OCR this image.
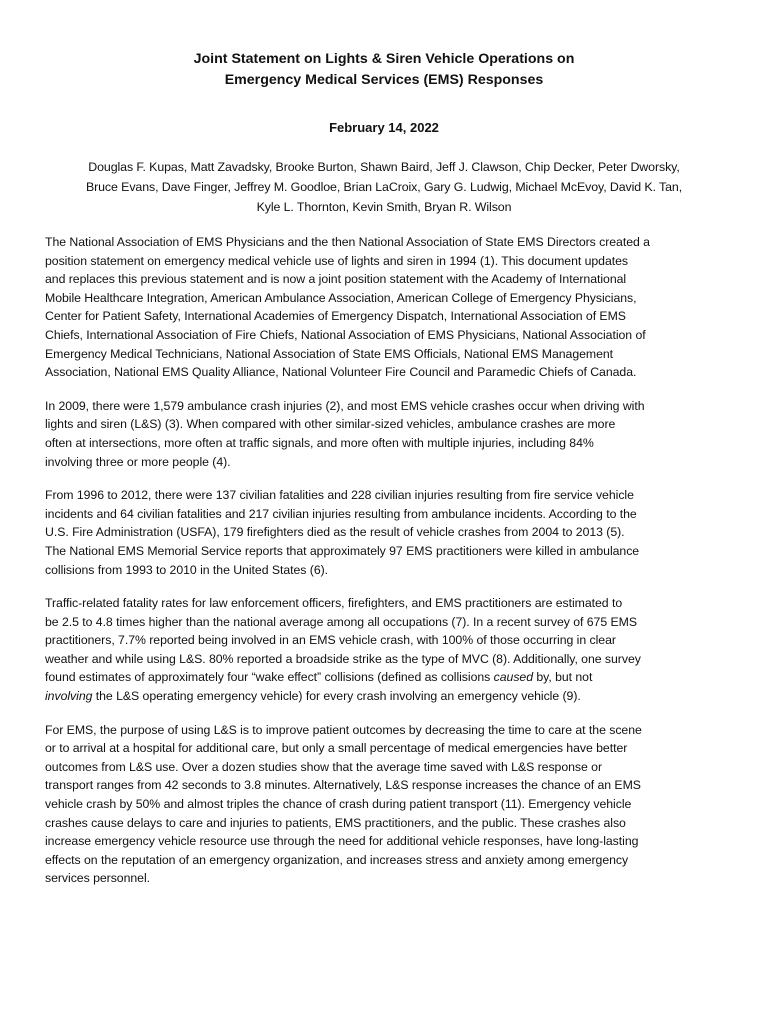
Joint Statement on Lights & Siren Vehicle Operations on
Emergency Medical Services (EMS) Responses

February 14, 2022

Douglas F. Kupas, Matt Zavadsky, Brooke Burton, Shawn Baird, Jeff J. Clawson, Chip Decker, Peter Dworsky,
Bruce Evans, Dave Finger, Jeffrey M. Goodloe, Brian LaCroix, Gary G. Ludwig, Michael McEvoy, David K. Tan,
Kyle L. Thornton, Kevin Smith, Bryan R. Wilson

The National Association of EMS Physicians and the then National Association of State EMS Directors created a
position statement on emergency medical vehicle use of lights and siren in 1994 (1). This document updates
and replaces this previous statement and is now a joint position statement with the Academy of International
Mobile Healthcare Integration, American Ambulance Association, American College of Emergency Physicians,
Center for Patient Safety, International Academies of Emergency Dispatch, International Association of EMS
Chiefs, International Association of Fire Chiefs, National Association of EMS Physicians, National Association of
Emergency Medical Technicians, National Association of State EMS Officials, National EMS Management
Association, National EMS Quality Alliance, National Volunteer Fire Council and Paramedic Chiefs of Canada.

In 2009, there were 1,579 ambulance crash injuries (2), and most EMS vehicle crashes occur when driving with
lights and siren (L&S) (3). When compared with other similar-sized vehicles, ambulance crashes are more
often at intersections, more often at traffic signals, and more often with multiple injuries, including 84%
involving three or more people (4).

From 1996 to 2012, there were 137 civilian fatalities and 228 civilian injuries resulting from fire service vehicle
incidents and 64 civilian fatalities and 217 civilian injuries resulting from ambulance incidents. According to the
U.S. Fire Administration (USFA), 179 firefighters died as the result of vehicle crashes from 2004 to 2013 (5).
The National EMS Memorial Service reports that approximately 97 EMS practitioners were killed in ambulance
collisions from 1993 to 2010 in the United States (6).

Traffic-related fatality rates for law enforcement officers, firefighters, and EMS practitioners are estimated to
be 2.5 to 4.8 times higher than the national average among all occupations (7). In a recent survey of 675 EMS
practitioners, 7.7% reported being involved in an EMS vehicle crash, with 100% of those occurring in clear
weather and while using L&S. 80% reported a broadside strike as the type of MVC (8). Additionally, one survey
found estimates of approximately four “wake effect” collisions (defined as collisions caused by, but not
involving the L&S operating emergency vehicle) for every crash involving an emergency vehicle (9).

For EMS, the purpose of using L&S is to improve patient outcomes by decreasing the time to care at the scene
or to arrival at a hospital for additional care, but only a small percentage of medical emergencies have better
outcomes from L&S use. Over a dozen studies show that the average time saved with L&S response or
transport ranges from 42 seconds to 3.8 minutes. Alternatively, L&S response increases the chance of an EMS
vehicle crash by 50% and almost triples the chance of crash during patient transport (11). Emergency vehicle
crashes cause delays to care and injuries to patients, EMS practitioners, and the public. These crashes also
increase emergency vehicle resource use through the need for additional vehicle responses, have long-lasting
effects on the reputation of an emergency organization, and increases stress and anxiety among emergency
services personnel.
